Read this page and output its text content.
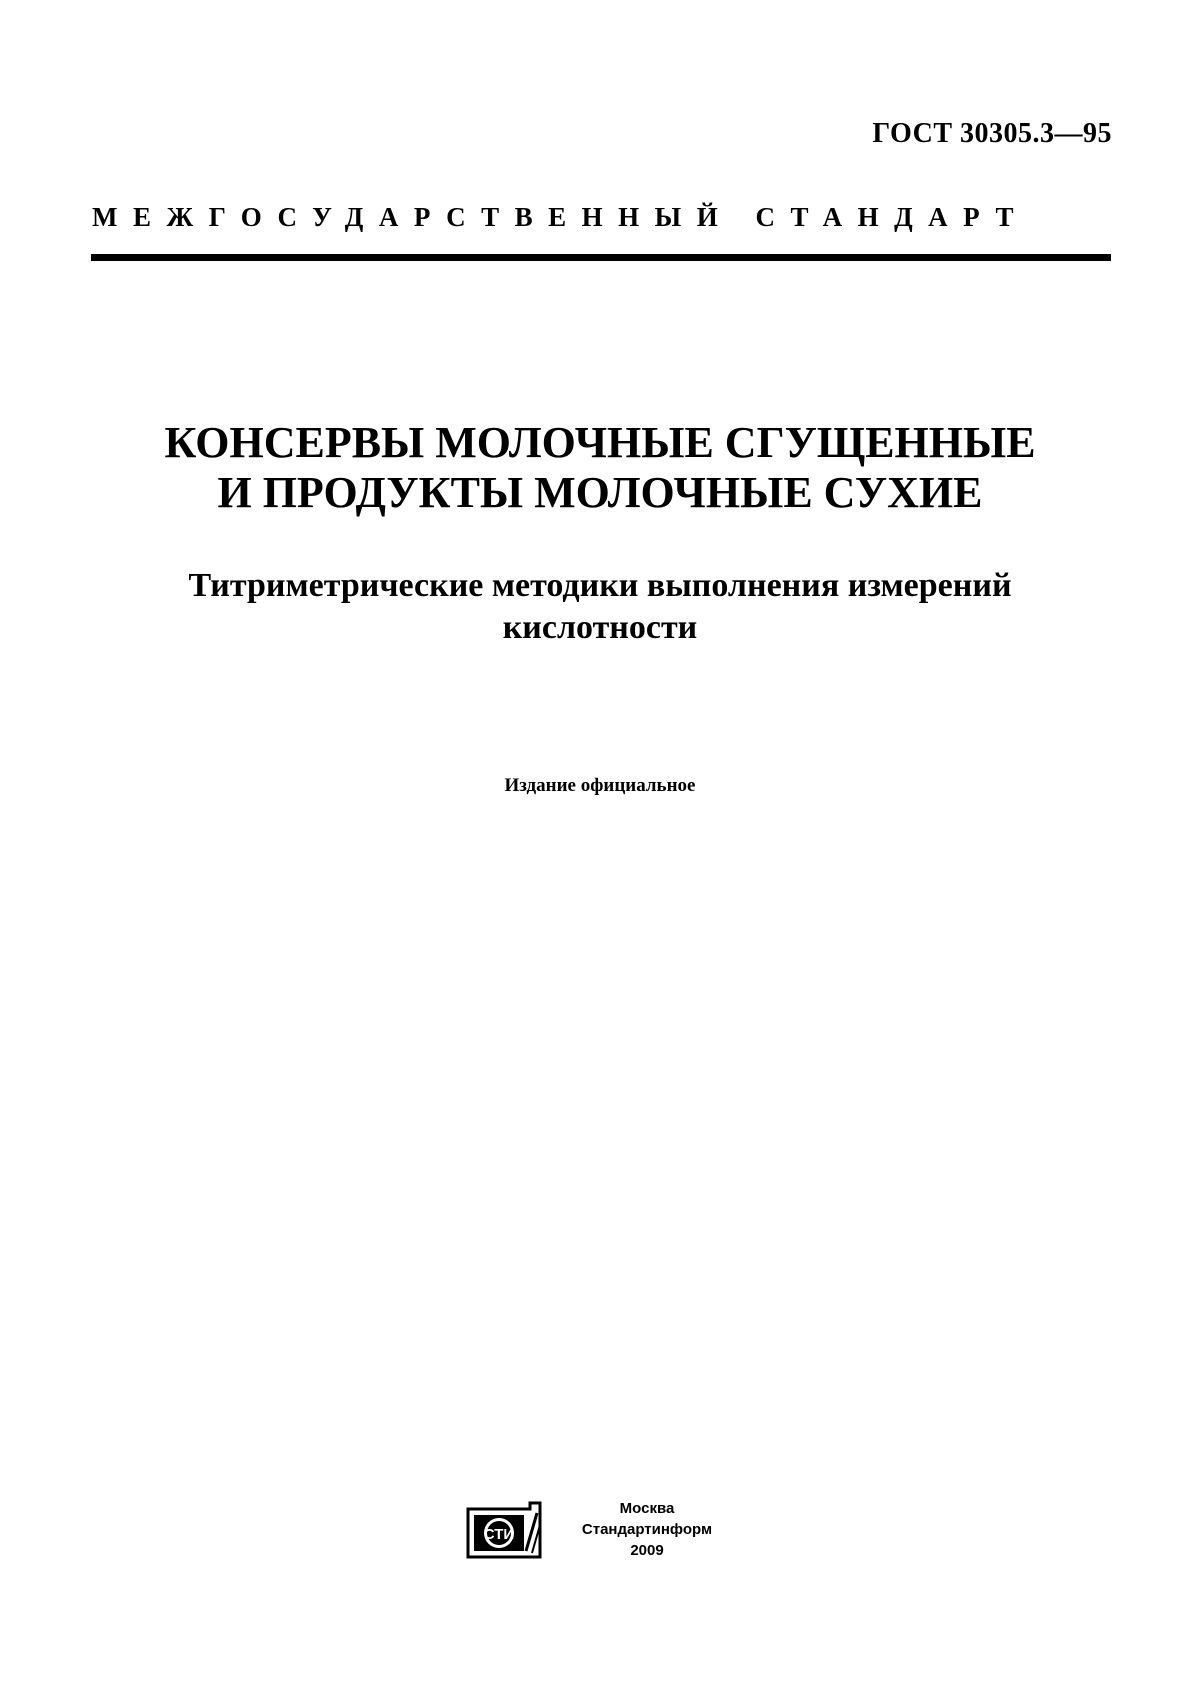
ГОСТ 30305.3—95
МЕЖГОСУДАРСТВЕННЫЙ СТАНДАРТ
КОНСЕРВЫ МОЛОЧНЫЕ СГУЩЕННЫЕ
И ПРОДУКТЫ МОЛОЧНЫЕ СУХИЕ
Титриметрические методики выполнения измерений
кислотности
Издание официальное
СТИ
Москва
Стандартинформ
2009
